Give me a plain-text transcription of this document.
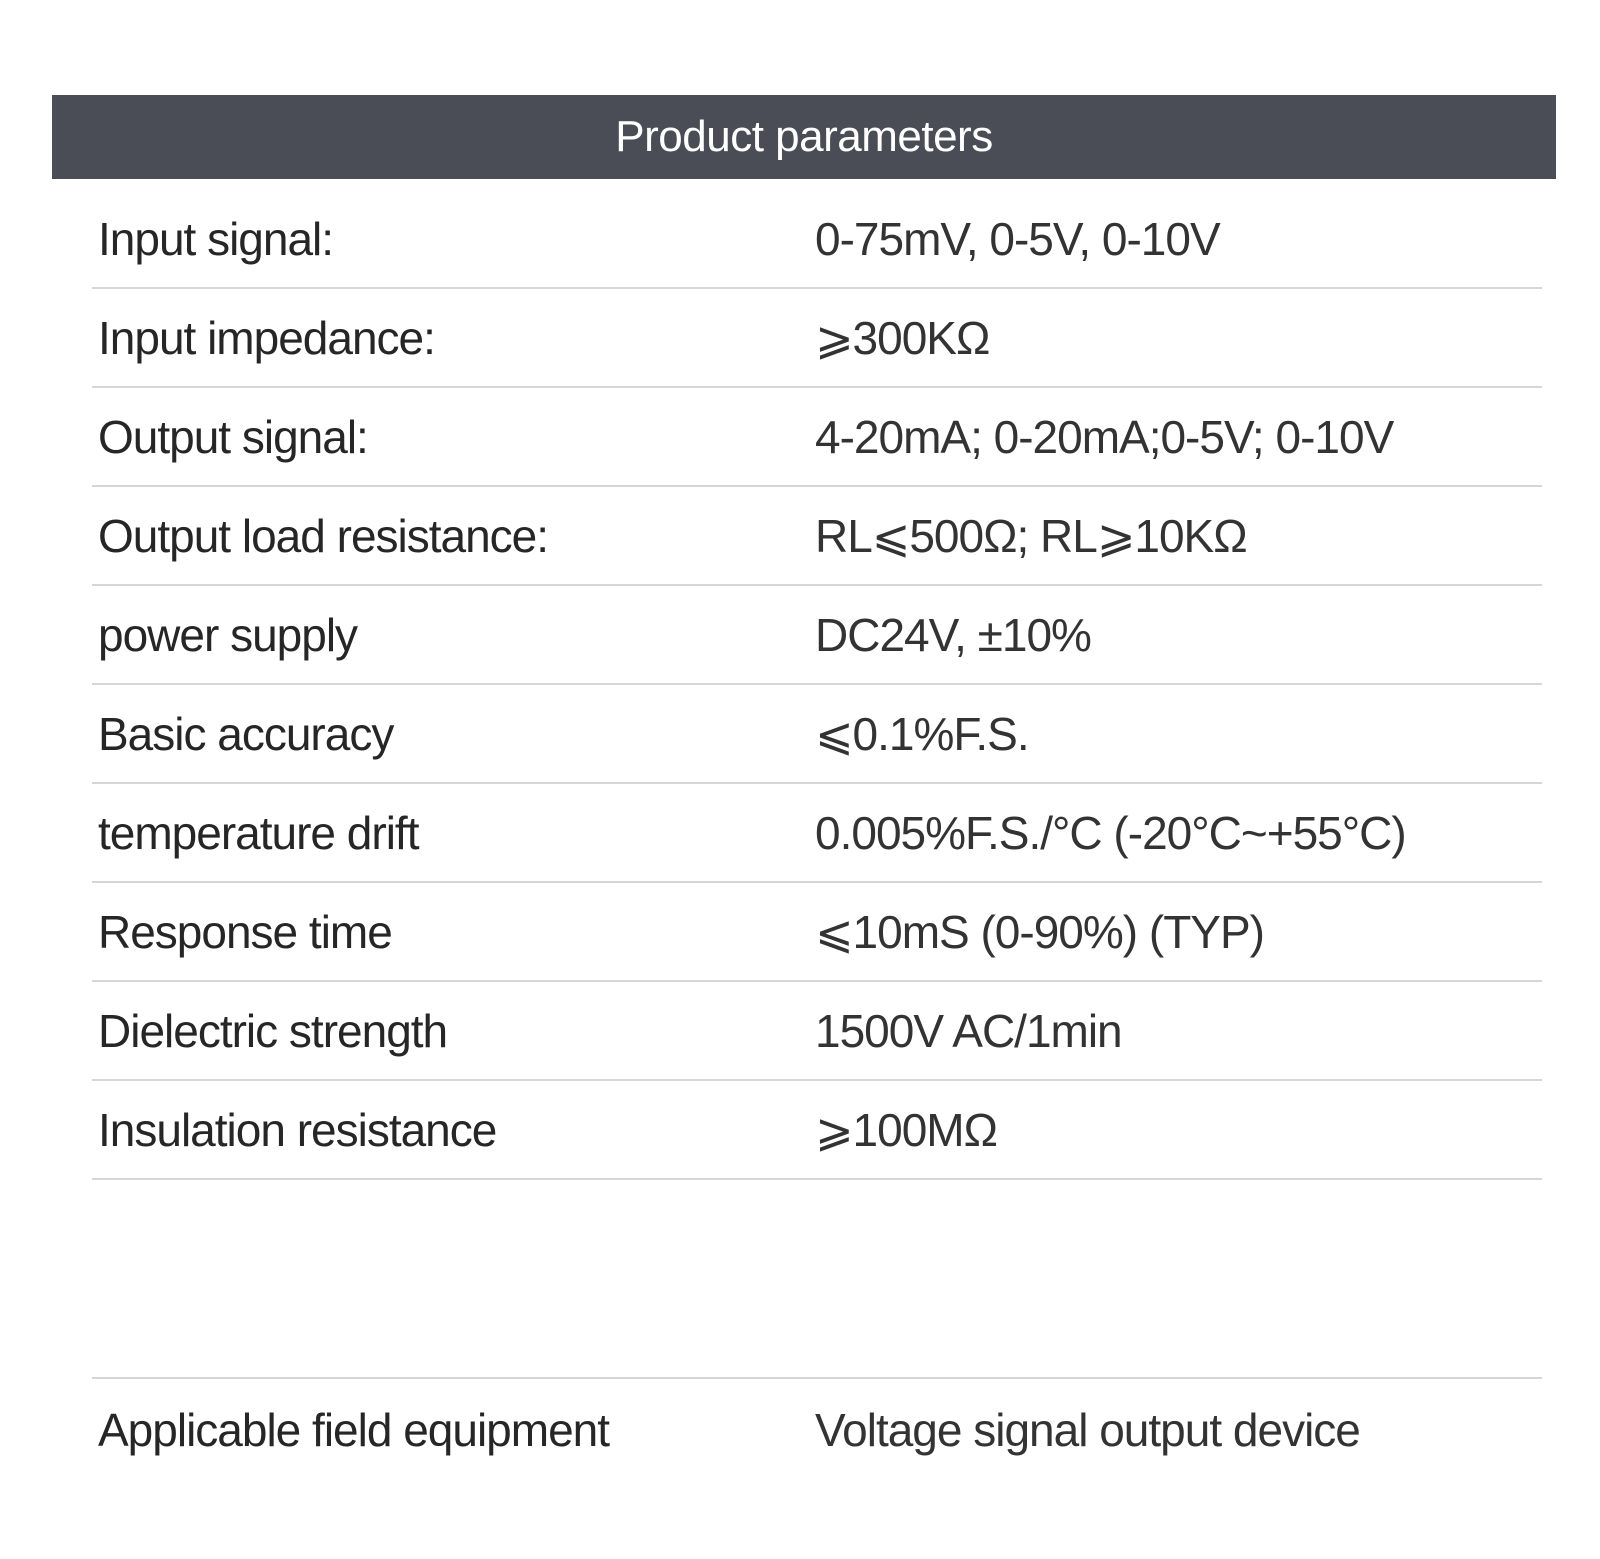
Product parameters
Input signal:	0-75mV, 0-5V, 0-10V
Input impedance:	⩾300KΩ
Output signal:	4-20mA; 0-20mA;0-5V; 0-10V
Output load resistance:	RL⩽500Ω; RL⩾10KΩ
power supply	DC24V, ±10%
Basic accuracy	⩽0.1%F.S.
temperature drift	0.005%F.S./°C (-20°C~+55°C)
Response time	⩽10mS (0-90%) (TYP)
Dielectric strength	1500V AC/1min
Insulation resistance	⩾100MΩ
Applicable field equipment	Voltage signal output device
